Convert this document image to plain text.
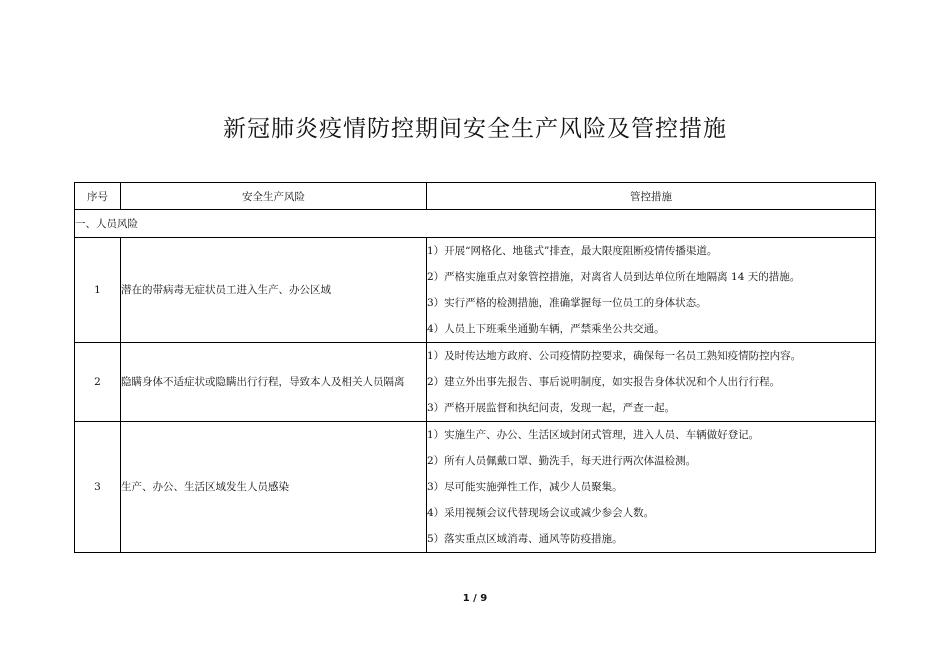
新冠肺炎疫情防控期间安全生产风险及管控措施
序号	安全生产风险	管控措施
一、人员风险		
1	潜在的带病毒无症状员工进入生产、办公区域	1）开展“网格化、地毯式”排查，最大限度阻断疫情传播渠道。
2）严格实施重点对象管控措施，对离省人员到达单位所在地隔离 14 天的措施。
3）实行严格的检测措施，准确掌握每一位员工的身体状态。
4）人员上下班乘坐通勤车辆，严禁乘坐公共交通。

2	隐瞒身体不适症状或隐瞒出行行程，导致本人及相关人员隔离	1）及时传达地方政府、公司疫情防控要求，确保每一名员工熟知疫情防控内容。
2）建立外出事先报告、事后说明制度，如实报告身体状况和个人出行行程。
3）严格开展监督和执纪问责，发现一起，严查一起。

3	生产、办公、生活区域发生人员感染	1）实施生产、办公、生活区域封闭式管理，进入人员、车辆做好登记。
2）所有人员佩戴口罩、勤洗手，每天进行两次体温检测。
3）尽可能实施弹性工作，减少人员聚集。
4）采用视频会议代替现场会议或减少参会人数。
5）落实重点区域消毒、通风等防疫措施。
1 / 9
